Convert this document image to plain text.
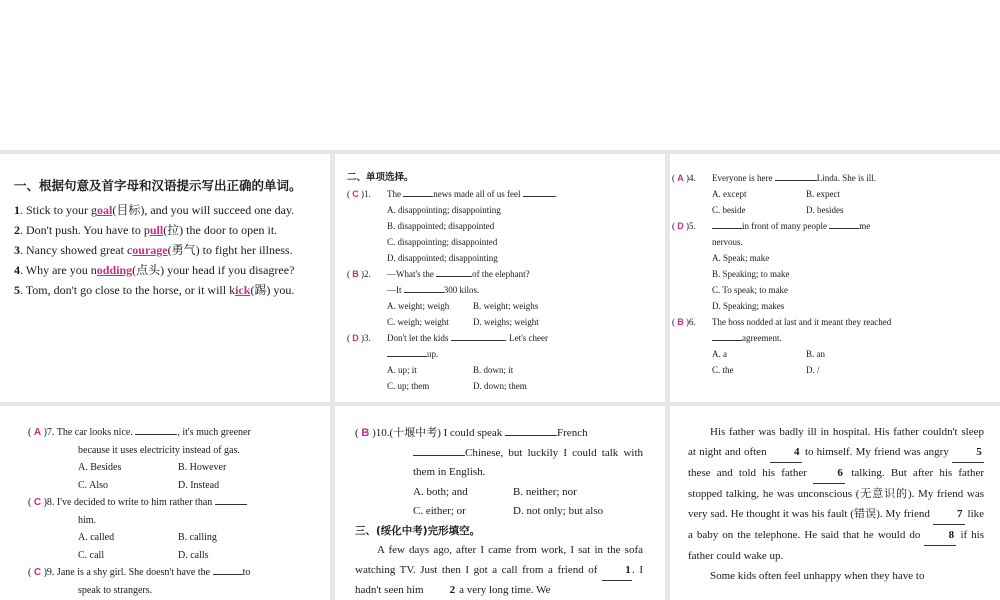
一、根据句意及首字母和汉语提示写出正确的单词。
1. Stick to your goal(目标), and you will succeed one day.
2. Don't push. You have to pull(拉) the door to open it.
3. Nancy showed great courage(勇气) to fight her illness.
4. Why are you nodding(点头) your head if you disagree?
5. Tom, don't go close to the horse, or it will kick(踢) you.
二、单项选择。
( C )1. The	news made all of us feel	.
A. disappointing; disappointing
B. disappointed; disappointed
C. disappointing; disappointed
D. disappointed; disappointing
( B )2. —What's the	of the elephant?
—It	300 kilos.
A. weight; weigh	B. weight; weighs
C. weigh; weight	D. weighs; weight
( D )3. Don't let the kids	. Let's cheer
up.
A. up; it	B. down; it
C. up; them	D. down; them
( A )4. Everyone is here	Linda. She is ill.
A. except	B. expect
C. beside	D. besides
( D )5.	in front of many people	me
nervous.
A. Speak; make
B. Speaking; to make
C. To speak; to make
D. Speaking; makes
( B )6. The boss nodded at last and it meant they reached
agreement.
A. a	B. an
C. the	D. /
( A )7. The car looks nice.	, it's much greener
because it uses electricity instead of gas.
A. Besides	B. However
C. Also	D. Instead
( C )8. I've decided to write to him rather than
him.
A. called	B. calling
C. call	D. calls
( C )9. Jane is a shy girl. She doesn't have the	to
speak to strangers.
( B )10.(十堰中考) I could speak	French
Chinese, but luckily I could talk with them in English.
A. both; and	B. neither; nor
C. either; or	D. not only; but also
三、(绥化中考)完形填空。
A few days ago, after I came from work, I sat in the sofa watching TV. Just then I got a call from a friend of	1. I hadn't seen him 2 a very long time. We
His father was badly ill in hospital. His father couldn't sleep at night and often 4 to himself. My friend was angry 5 these and told his father	6 talking. But after his father stopped talking, he was unconscious (无意识的). My friend was very sad. He thought it was his fault (错误). My friend 7 like a baby on the telephone. He said that he would do	8 if his father could wake up.
Some kids often feel unhappy when they have to
